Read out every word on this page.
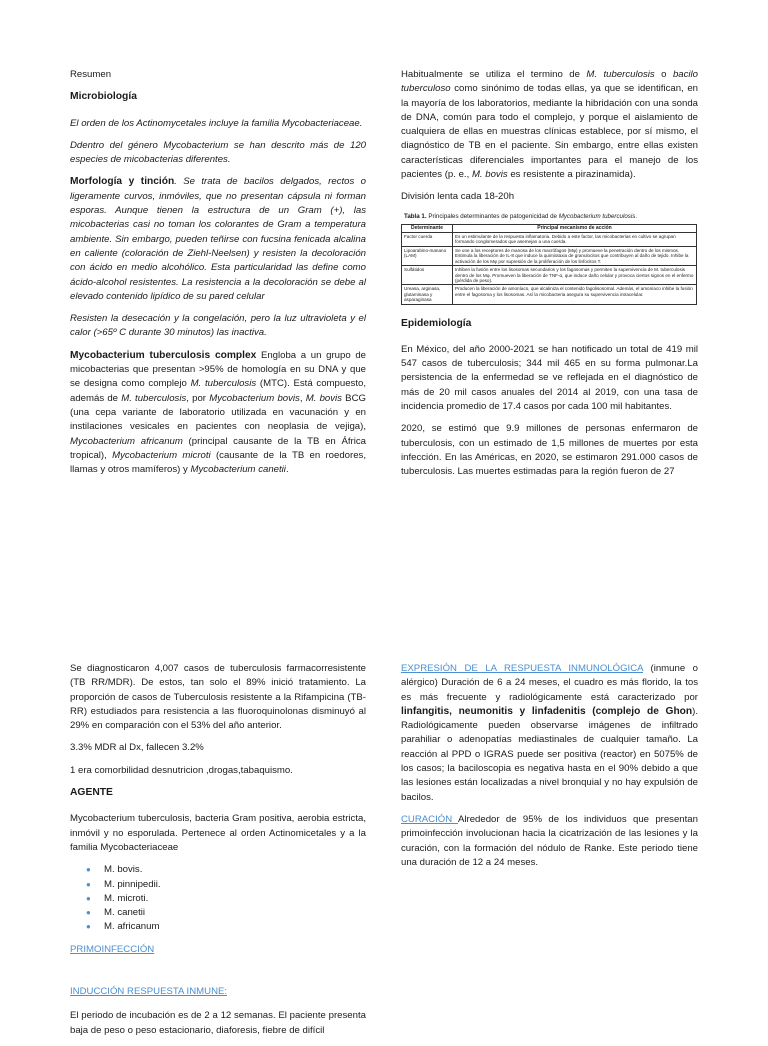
Resumen

Microbiología

El orden de los Actinomycetales incluye la familia Mycobacteriaceae.

Ddentro del género Mycobacterium se han descrito más de 120 especies de micobacterias diferentes.

Morfología y tinción. Se trata de bacilos delgados, rectos o ligeramente curvos, inmóviles, que no presentan cápsula ni forman esporas. Aunque tienen la estructura de un Gram (+), las micobacterias casi no toman los colorantes de Gram a temperatura ambiente. Sin embargo, pueden teñirse con fucsina fenicada alcalina en caliente (coloración de Ziehl-Neelsen) y resisten la decoloración con ácido en medio alcohólico. Esta particularidad las define como ácido-alcohol resistentes. La resistencia a la decoloración se debe al elevado contenido lipídico de su pared celular

Resisten la desecación y la congelación, pero la luz ultravioleta y el calor (>65º C durante 30 minutos) las inactiva.

Mycobacterium tuberculosis complex Engloba a un grupo de micobacterias que presentan >95% de homología en su DNA y que se designa como complejo M. tuberculosis (MTC). Está compuesto, además de M. tuberculosis, por Mycobacterium bovis, M. bovis BCG (una cepa variante de laboratorio utilizada en vacunación y en instilaciones vesicales en pacientes con neoplasia de vejiga), Mycobacterium africanum (principal causante de la TB en África tropical), Mycobacterium microti (causante de la TB en roedores, llamas y otros mamíferos) y Mycobacterium canetii.

Habitualmente se utiliza el termino de M. tuberculosis o bacilo tuberculoso como sinónimo de todas ellas, ya que se identifican, en la mayoría de los laboratorios, mediante la hibridación con una sonda de DNA, común para todo el complejo, y porque el aislamiento de cualquiera de ellas en muestras clínicas establece, por sí mismo, el diagnóstico de TB en el paciente. Sin embargo, entre ellas existen características diferenciales importantes para el manejo de los pacientes (p. e., M. bovis es resistente a pirazinamida).

División lenta cada 18-20h

Tabla 1. Principales determinantes de patogenicidad de Mycobacterium tuberculosis.
Determinante	Principal mecanismo de acción
Factor cuerda	Es un estimulante de la respuesta inflamatoria. Debido a este factor, las micobacterias en cultivo se agrupan formando conglomerados que asemejan a una cuerda.
Lipoarabino-manano (LAM)	Se une a los receptores de manosa de los macrófagos (Mφ) y promueve la penetración dentro de los mismos. Estimula la liberación de IL-8 que induce la quimiotaxia de granulocitos que contribuyen al daño de tejido. Inhibe la activación de los Mφ por supresión de la proliferación de los linfocitos T.
Sulfátidos	Inhiben la fusión entre los lisosomas secundarios y los fagosomas y permiten la supervivencia de M. tuberculosis dentro de los Mφ. Promueven la liberación de TNF-α, que induce daño celular y provoca ciertos signos en el enfermo (pérdida de peso).
Ureasa, arginasa, glutaminasa y asparaginasa	Producen la liberación de amoníaco, que alcaliniza el contenido fagolisosomal. Además, el amoníaco inhibe la fusión entre el fagosoma y los lisosomas. Así la micobacteria asegura su supervivencia intracelular.

Epidemiología

En México, del año 2000-2021 se han notificado un total de 419 mil 547 casos de tuberculosis; 344 mil 465 en su forma pulmonar.La persistencia de la enfermedad se ve reflejada en el diagnóstico de más de 20 mil casos anuales del 2014 al 2019, con una tasa de incidencia promedio de 17.4 casos por cada 100 mil habitantes.

2020, se estimó que 9.9 millones de personas enfermaron de tuberculosis, con un estimado de 1,5 millones de muertes por esta infección. En las Américas, en 2020, se estimaron 291.000 casos de tuberculosis. Las muertes estimadas para la región fueron de 27

Se diagnosticaron 4,007 casos de tuberculosis farmacorresistente (TB RR/MDR). De estos, tan solo el 89% inició tratamiento. La proporción de casos de Tuberculosis resistente a la Rifampicina (TB-RR) estudiados para resistencia a las fluoroquinolonas disminuyó al 29% en comparación con el 53% del año anterior.

3.3% MDR al Dx, fallecen 3.2%

1 era comorbilidad desnutricion ,drogas,tabaquismo.

AGENTE

Mycobacterium tuberculosis, bacteria Gram positiva, aerobia estricta, inmóvil y no esporulada. Pertenece al orden Actinomicetales y a la familia Mycobacteriaceae

● M. bovis.
● M. pinnipedii.
● M. microti.
● M. canetii
● M. africanum

PRIMOINFECCIÓN

INDUCCIÓN RESPUESTA INMUNE:

El periodo de incubación es de 2 a 12 semanas. El paciente presenta baja de peso o peso estacionario, diaforesis, fiebre de difícil

EXPRESIÓN DE LA RESPUESTA INMUNOLÓGICA (inmune o alérgico) Duración de 6 a 24 meses, el cuadro es más florido, la tos es más frecuente y radiológicamente está caracterizado por linfangitis, neumonitis y linfadenitis (complejo de Ghon). Radiológicamente pueden observarse imágenes de infiltrado parahiliar o adenopatías mediastinales de cualquier tamaño. La reacción al PPD o IGRAS puede ser positiva (reactor) en 5075% de los casos; la baciloscopia es negativa hasta en el 90% debido a que las lesiones están localizadas a nivel bronquial y no hay expulsión de bacilos.

CURACIÓN Alrededor de 95% de los individuos que presentan primoinfección involucionan hacia la cicatrización de las lesiones y la curación, con la formación del nódulo de Ranke. Este periodo tiene una duración de 12 a 24 meses.
